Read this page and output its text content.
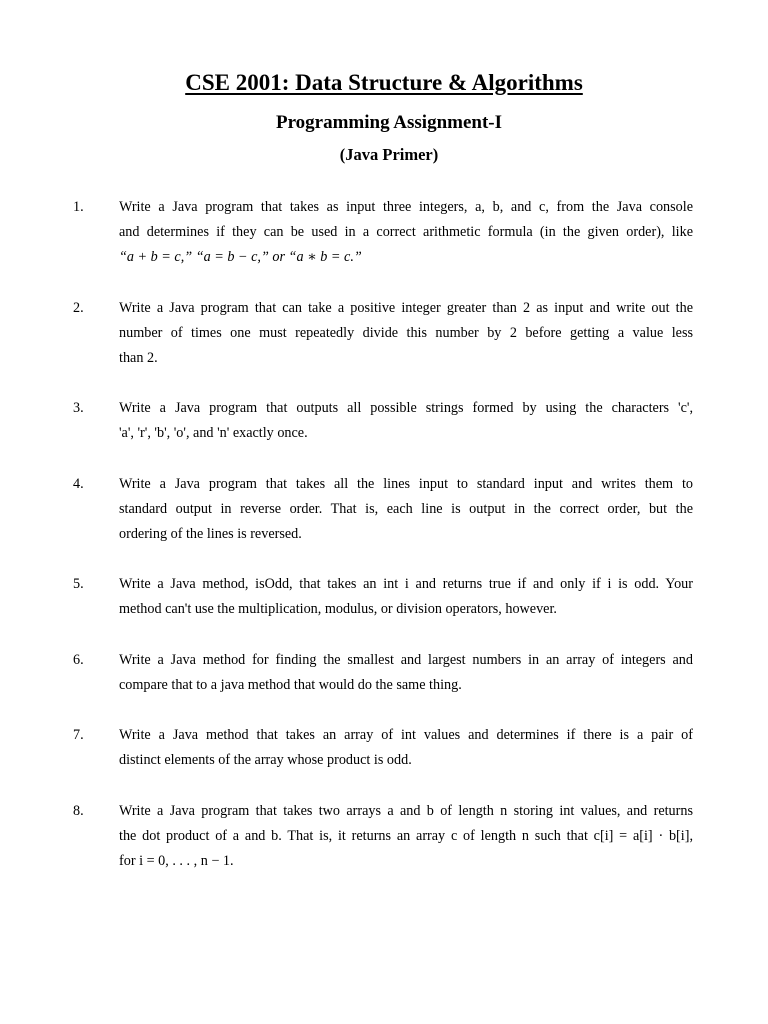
CSE 2001: Data Structure & Algorithms
Programming Assignment-I
(Java Primer)
1.	Write a Java program that takes as input three integers, a, b, and c, from the Java console
and determines if they can be used in a correct arithmetic formula (in the given order), like
“a + b = c,” “a = b − c,” or “a ∗ b = c.”
2.	Write a Java program that can take a positive integer greater than 2 as input and write out the
number of times one must repeatedly divide this number by 2 before getting a value less
than 2.
3.	Write a Java program that outputs all possible strings formed by using the characters 'c',
'a', 'r', 'b', 'o', and 'n' exactly once.
4.	Write a Java program that takes all the lines input to standard input and writes them to
standard output in reverse order. That is, each line is output in the correct order, but the
ordering of the lines is reversed.
5.	Write a Java method, isOdd, that takes an int i and returns true if and only if i is odd. Your
method can't use the multiplication, modulus, or division operators, however.
6.	Write a Java method for finding the smallest and largest numbers in an array of integers and
compare that to a java method that would do the same thing.
7.	Write a Java method that takes an array of int values and determines if there is a pair of
distinct elements of the array whose product is odd.
8.	Write a Java program that takes two arrays a and b of length n storing int values, and returns
the dot product of a and b. That is, it returns an array c of length n such that c[i] = a[i] · b[i],
for i = 0, . . . , n − 1.
